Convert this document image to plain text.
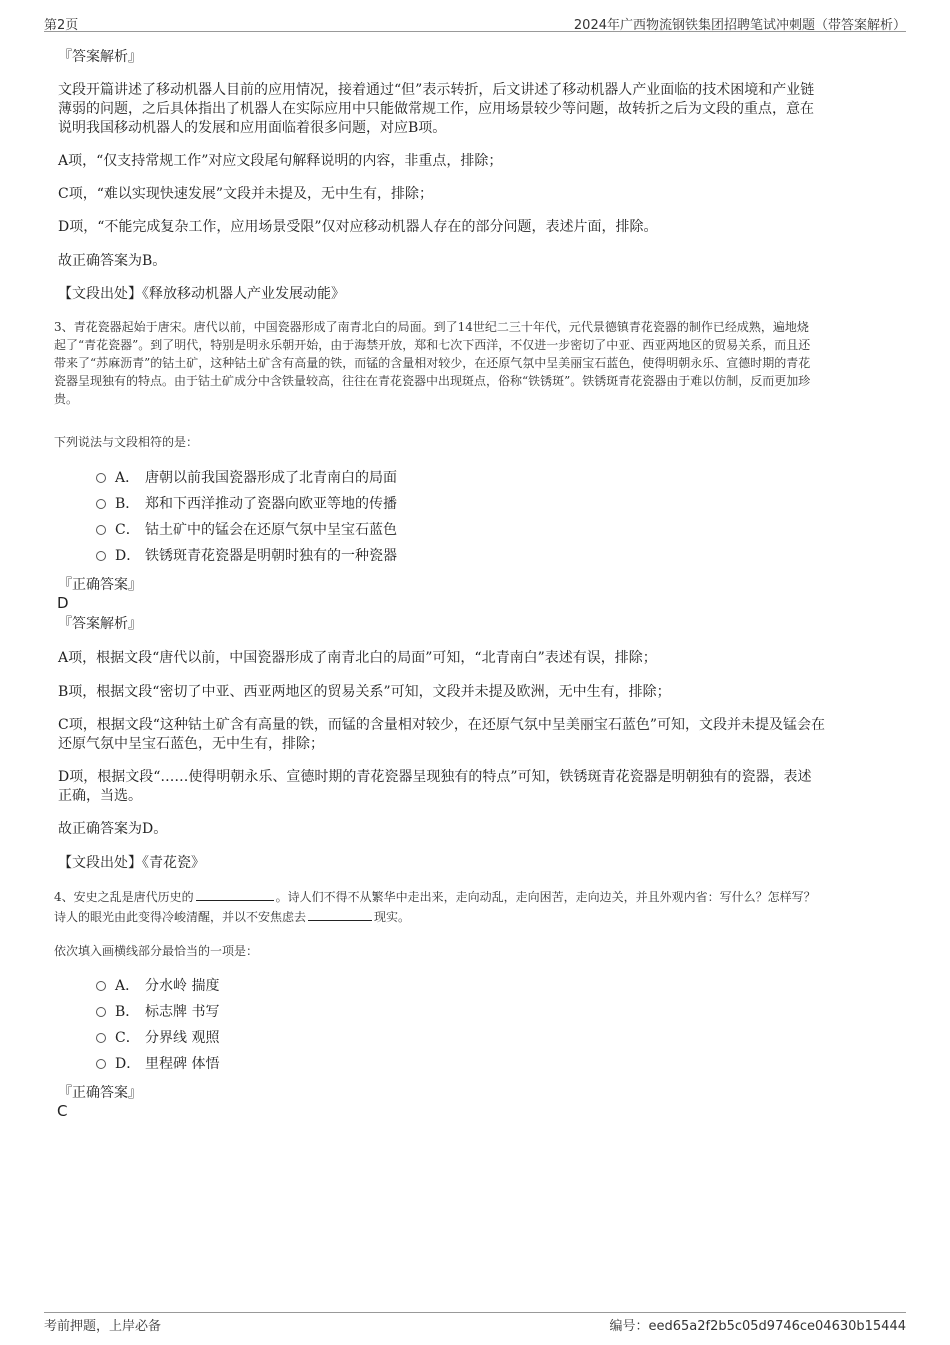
第2页	2024年广西物流钢铁集团招聘笔试冲刺题（带答案解析）
『答案解析』
文段开篇讲述了移动机器人目前的应用情况，接着通过“但”表示转折，后文讲述了移动机器人产业面临的技术困境和产业链
薄弱的问题，之后具体指出了机器人在实际应用中只能做常规工作，应用场景较少等问题，故转折之后为文段的重点，意在
说明我国移动机器人的发展和应用面临着很多问题，对应B项。
A项，“仅支持常规工作”对应文段尾句解释说明的内容，非重点，排除；
C项，“难以实现快速发展”文段并未提及，无中生有，排除；
D项，“不能完成复杂工作，应用场景受限”仅对应移动机器人存在的部分问题，表述片面，排除。
故正确答案为B。
【文段出处】《释放移动机器人产业发展动能》
3、青花瓷器起始于唐宋。唐代以前，中国瓷器形成了南青北白的局面。到了14世纪二三十年代，元代景德镇青花瓷器的制作已经成熟，遍地烧
起了“青花瓷器”。到了明代，特别是明永乐朝开始，由于海禁开放，郑和七次下西洋，不仅进一步密切了中亚、西亚两地区的贸易关系，而且还
带来了“苏麻沥青”的钴土矿，这种钴土矿含有高量的铁，而锰的含量相对较少，在还原气氛中呈美丽宝石蓝色，使得明朝永乐、宣德时期的青花
瓷器呈现独有的特点。由于钴土矿成分中含铁量较高，往往在青花瓷器中出现斑点，俗称“铁锈斑”。铁锈斑青花瓷器由于难以仿制，反而更加珍
贵。
下列说法与文段相符的是：
A． 唐朝以前我国瓷器形成了北青南白的局面
B． 郑和下西洋推动了瓷器向欧亚等地的传播
C． 钴土矿中的锰会在还原气氛中呈宝石蓝色
D． 铁锈斑青花瓷器是明朝时独有的一种瓷器
『正确答案』
D
『答案解析』
A项，根据文段“唐代以前，中国瓷器形成了南青北白的局面”可知，“北青南白”表述有误，排除；
B项，根据文段“密切了中亚、西亚两地区的贸易关系”可知，文段并未提及欧洲，无中生有，排除；
C项，根据文段“这种钴土矿含有高量的铁，而锰的含量相对较少，在还原气氛中呈美丽宝石蓝色”可知，文段并未提及锰会在
还原气氛中呈宝石蓝色，无中生有，排除；
D项，根据文段“……使得明朝永乐、宣德时期的青花瓷器呈现独有的特点”可知，铁锈斑青花瓷器是明朝独有的瓷器，表述
正确，当选。
故正确答案为D。
【文段出处】《青花瓷》
4、安史之乱是唐代历史的	。诗人们不得不从繁华中走出来，走向动乱，走向困苦，走向边关，并且外观内省：写什么？怎样写？
诗人的眼光由此变得冷峻清醒，并以不安焦虑去	现实。
依次填入画横线部分最恰当的一项是：
A． 分水岭 揣度
B． 标志牌 书写
C． 分界线 观照
D． 里程碑 体悟
『正确答案』
C
考前押题，上岸必备	编号：eed65a2f2b5c05d9746ce04630b15444
